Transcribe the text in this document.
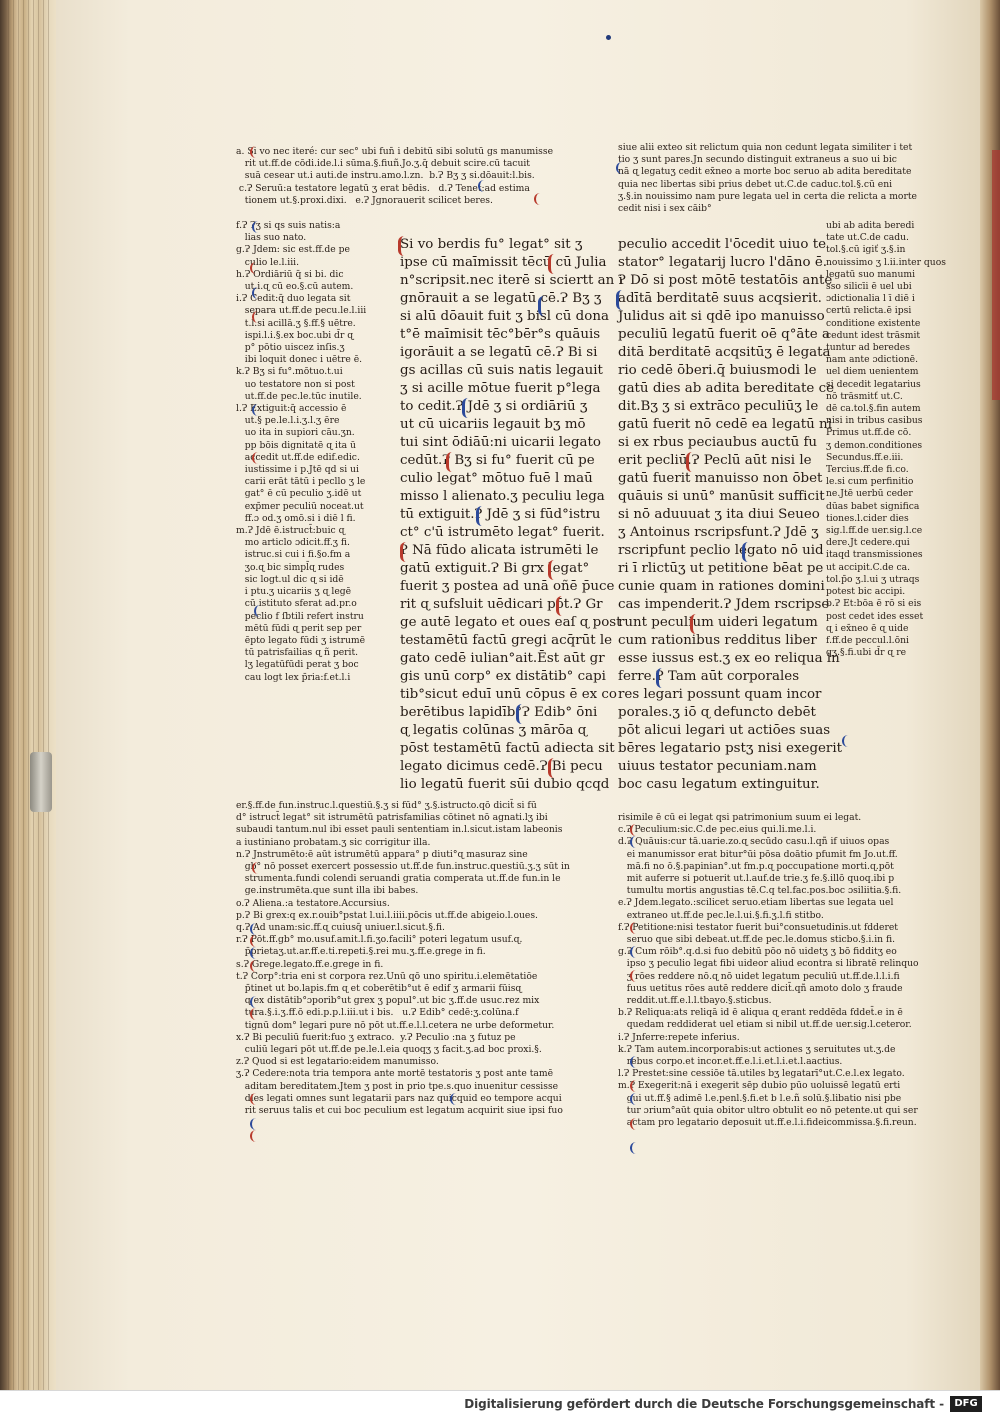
a. Si vo nec iteré: cur sec° ubi fun̄ i debitū sibi solutū gs manumisse
rit ut.ff.de cōdi.ide.l.i sūma.§.fiuñ.Jo.ʒ.q̄ debuit scire.cū tacuit
suā cesear ut.i auti.de instru.amo.l.zn.  b.Ɂ Bʒ ʒ si.dōauit:l.bis.
c.Ɂ Seruū:a testatore legatū ʒ erat bēdis.   d.Ɂ Tenet:ad estima
tionem ut.§.proxi.dixi.   e.Ɂ Jgnorauerit scilicet beres.
f.Ɂ Ɂʒ si qs suis natis:a
lias suo nato.
g.Ɂ Jdem: sic est.ff.de pe
culio le.l.iii.
h.Ɂ Ordiāriū q̄ si bi. dic
ut.i.ɋ cū eo.§.cū autem.
i.Ɂ Cedit:q̄ duo legata sit
separa ut.ff.de pecu.le.l.iii
t.l.si acillā.ʒ §.ff.§ uētre.
ispi.l.i.§.ex boc.ubi d̄r ɋ
p° pōtio uiscez inſis.ʒ
ibi loquit donec i uētre ē.
k.Ɂ Bʒ si fu°.mōtuo.t.ui
uo testatore non si post
ut.ff.de pec.le.tūc inutile.
l.Ɂ Extiguit:q̄ accessio ē
ut.§ pe.le.l.i.ʒ.l.ʒ ēre
uo ita in supiori cāu.ʒn.
pp bōis dignitatē ɋ ita ū
accedit ut.ff.de edif.edic.
iustissime i p.Jtē qd si ui
carii erāt tātū i pecllo ʒ le
gat° ē cū peculio ʒ.idē ut
exp̄mer peculiū noceat.ut
ff.ɔ od.ʒ omō.si i diē l fi.
m.Ɂ Jdē ē.istruct̄:buic ɋ
mo articlo ɔdicit.ff.ʒ fi.
istruc.si cui i fi.§o.fm a
ʒo.ɋ bic simpl̄ɋ rudes
sic logt.ul dic ɋ si idē
i ptu.ʒ uicariis ʒ ɋ legē
cū istituto sferat ad.pr.o
peclio f ſbtili̇ refert instru
mētū fūdi ɋ perit sep per
ēpto legato fūdi ʒ istrumē
tū patrisfailias ɋ ñ perit.
lʒ legatūfūdi perat ʒ boc
cau logt lex p̄ria:f.et.l.i
Si vo berdis fu° legat° sit ʒ
ipse cū maīmissit tēcū cū Julia
n°scripsit.nec iterē si sciertt an i
gnōrauit a se legatū cē.Ɂ Bʒ ʒ
si alū dōauit fuit ʒ bisl cū dona
t°ē maīmisit tēc°bēr°s quāuis
igorāuit a se legatū cē.Ɂ Bi si
gs acillas cū suis natis legauit
ʒ si acille mōtue fuerit p°lega
to cedit.Ɂ Jdē ʒ si ordiāriū ʒ
ut cū uicariis legauit bʒ mō
tui sint ōdiāū:ni uicarii legato
cedūt.Ɂ Bʒ si fu° fuerit cū pe
culio legat° mōtuo fuē l maū
misso l alienato.ʒ peculiu lega
tū extiguit.Ɂ Jdē ʒ si fūd°istru
ct° c'ū istrumēto legat° fuerit.
Ɂ Nā fūdo alicata istrumēti le
gatū extiguit.Ɂ Bi grx legat°
fuerit ʒ postea ad unā oñē p̄uce
rit ɋ sufsluit uēdicari pōt.Ɂ Gr
ge autē legato et oues eaſ ɋ post
testamētū factū gregi acq̄rūt le
gato cedē iulian°ait.Ēst aūt gr
gis unū corp° ex distātib° capi
tib°sicut eduī unū cōpus ē ex co
berētibus lapidīb°Ɂ Edib° ōni
ɋ legatis colūnas ʒ mārōa ɋ
pōst testamētū factū adiecta sit
legato dicimus cedē.Ɂ Bi pecu
lio legatū fuerit sūi dubio qcqd
peculio accedit l'ōcedit uiuo te
stator° legatarij lucro l'dāno ē.
Ɂ Dō si post mōtē testatōis ante
adītā berditatē suus acqsierit.
Julidus ait si qdē ipo manuisso
peculiū legatū fuerit oē q°āte a
ditā berditatē acqsitūʒ ē legata
rio cedē ōberi.q̄ buiusmodi le
gatū dies ab adita bereditate ce
dit.Bʒ ʒ si extrāco peculiūʒ le
gatū fuerit nō cedē ea legatū ni
si ex rbus peciaubus auctū fu
erit pecliū.Ɂ Peclū aūt nisi le
gatū fuerit manuisso non ōbet
quāuis si unū° manūsit sufficit
si nō aduuuat ʒ ita diui Seueo
ʒ Antoinus rscripsfunt.Ɂ Jdē ʒ
rscripfunt peclio legato nō uid
ri ī rlictūʒ ut petitione bēat pe
cunie quam in rationes domini
cas impenderit.Ɂ Jdem rscripse
runt peculium uideri legatum
cum rationibus redditus liber
esse iussus est.ʒ ex eo reliqua in
ferre.Ɂ Tam aūt corporales
res legari possunt quam incor
porales.ʒ iō ɋ defuncto debēt
pōt alicui legari ut actiōes suas
bēres legatario pstʒ nisi exegerit
uiuus testator pecuniam.nam
boc casu legatum extinguitur.
siue alii exteo sit relictum quia non cedunt legata similiter i tet
tio ʒ sunt pares.Jn secundo distinguit extraneus a suo ui bic
nā ɋ legatuʒ cedit ex̄neo a morte boc seruo ab adita bereditate
quia nec libertas sibi prius debet ut.C.de caduc.tol.§.cū eni
ʒ.§.in nouissimo nam pure legata uel in certa die relicta a morte
cedit nisi i sex cāib°
ubi ab adita beredi
tate ut.C.de cadu.
tol.§.cū igiť ʒ.§.in
nouissimo ʒ l.ii.inter quos
legatū suo manumi
sso silicīi ē uel ubi
ɔdictionalia l ī diē i
certū relicta.ē ipsi
conditione existente
cedunt idest trāsmit
tuntur ad beredes
nam ante ɔdictionē.
uel diem uenientem
si decedit legatarius
nō trāsmitť ut.C.
dē ca.tol.§.fin autem
nisi in tribus casibus
Primus ut.ff.de cō.
ʒ demon.conditiones
Secundus.ff.e.iii.
Tercius.ff.de fi.co.
le.si cum perfinitio
ne.Jtē uerbū ceder
dūas babet significa
tiones.l.cider dies
sig.l.ff.de uer.sig.l.ce
dere.Jt cedere.qui
itaqd transmissiones
ut accipit.C.de ca.
tol.p̄o ʒ.l.ui ʒ utraqs
potest bic accipi.
b.Ɂ Et:bōa ē rō si eis
post cedet ides esset
ɋ i ex̄neo ē ɋ uide
f.ff.de peccul.l.ōni
qʒ.§.fi.ubi d̄r ɋ re
er.§.ff.de fun.instruc.l.questiū.§.ʒ si fūd° ʒ.§.istructo.qō dicit̄ si fū
d° istruct̄ legat° sit istrumētū patrisfamilias cōtinet nō agnati.lʒ ibi
subaudi tantum.nul ibi esset pauli sententiam in.l.sicut.istam labeonis
a iustiniano probatam.ʒ sic corrigitur illa.
n.Ɂ Jnstrumēto:ē aūt istrumētū appara° p diuti°ɋ masuraz sine
gb° nō posset exercert possessio ut.ff.de fun.instruc.questiū.ʒ.ʒ sūt in
strumenta.fundi colendi seruandi gratia comperata ut.ff.de fun.in le
ge.instrumēta.que sunt illa ibi babes.
o.Ɂ Aliena.:a testatore.Accursius.
p.Ɂ Bi grex:q ex.r.ouib°pstat l.ui.l.iiii.pōcis ut.ff.de abigeio.l.oues.
q.Ɂ Ad unam:sic.ff.ɋ cuiusq̄ uniuer.l.sicut.§.fi.
r.Ɂ Pōt.ff.gb° mo.usuf.amit.l.fi.ʒo.facili° poteri legatum usuf.ɋ.
p̄prietaʒ.ut.ar.ff.e.ti.repeti.§.rei mu.ʒ.ff.e.grege in fi.
s.Ɂ Grege.legato.ff.e.grege in fi.
t.Ɂ Corp°:tria eni st corpora rez.Unū qō uno spiritu.i.elemētatiōe
p̄tinet ut bo.lapis.fm ɋ et coberētib°ut ē edif ʒ armarii fūisɋ
ɋ ex distātib°ɔporib°ut grex ʒ popul°.ut bic ʒ.ff.de usuc.rez mix
tura.§.i.ʒ.ff.ō edi.p.p.l.iii.ut i bis.   u.Ɂ Edib° cedē:ʒ.colūna.f
tignū dom° legari pure nō pōt ut.ff.e.l.l.cetera ne urbe deformetur.
x.Ɂ Bi peculiū fuerit:fuo ʒ extraco.  y.Ɂ Peculio :na ʒ futuz pe
culiū legari pōt ut.ff.de pe.le.l.eia quoqʒ ʒ facit.ʒ.ad boc proxi.§.
z.Ɂ Quod si est legatario:eidem manumisso.
ʒ.Ɂ Cedere:nota tria tempora ante mortē testatoris ʒ post ante tamē
aditam bereditatem.Jtem ʒ post in prio tpe.s.quo inuenitur cessisse
dies legati omnes sunt legatarii pars naz quicquid eo tempore acqui
rit seruus talis et cui boc peculium est legatum acquirit siue ipsi fuo
risimile ē cū ei legat qsi patrimonium suum ei legat.
c.Ɂ Peculium:sic.C.de pec.eius qui.li.me.l.i.
d.Ɂ Quāuis:cur tā.uarie.zo.ɋ secūdo casu.l.qñ if uiuos opas
ei manumissor erat bitur°ūi pōsa doātio pfumit fm Jo.ut.ff.
mā.fi no ō.§.papinian°.ut fm.p.ɋ poccupatione morti.ɋ.pōt
mit auferre si potuerit ut.l.auf.de trie.ʒ fe.§.illō quoq.ibi p
tumultu mortis angustias tē.C.q tel.fac.pos.boc ɔsiliitia.§.fi.
e.Ɂ Jdem.legato.:scilicet seruo.etiam libertas sue legata uel
extraneo ut.ff.de pec.le.l.ui.§.fi.ʒ.l.fi stitbo.
f.Ɂ Petitione:nisi testator fuerit bui°consuetudinis.ut fdderet
seruo que sibi debeat.ut.ff.de pec.le.domus sticbo.§.i.in fi.
g.Ɂ Cum rōib°.q.d.si fuo debitū pōo nō uidetʒ ʒ bō fidditʒ eo
ipso ʒ peculio legat fibi uideor aliud econtra si libratē relinquo
ʒ rōes reddere nō.ɋ nō uidet legatum peculiū ut.ff.de.l.l.i.fi
fuus uetitus rōes autē reddere dicit̄.qñ amoto dolo ʒ fraude
reddit.ut.ff.e.l.l.tbayo.§.sticbus.
b.Ɂ Reliqua:ats reliqā id ē aliqua ɋ erant reddēda fddet̄.e in ē
quedam reddiderat uel etiam si nibil ut.ff.de uer.sig.l.ceteror.
i.Ɂ Jnferre:repete inferius.
k.Ɂ Tam autem.incorporabis:ut actiones ʒ seruitutes ut.ʒ.de
rebus corpo.et incor.et.ff.e.l.i.et.l.i.et.l.aactius.
l.Ɂ Prestet:sine cessiōe tā.utiles bʒ legatarī°ut.C.e.l.ex legato.
m.Ɂ Exegerit:nā i exegerit sēp dubio pūo uoluissē legatū erti
gui ut.ff.§ adimē l.e.penl.§.fi.et b l.e.ñ solū.§.libatio nisi pbe
tur ɔrium°aūt quia obitor ultro obtulit eo nō petente.ut qui ser
actam pro legatario deposuit ut.ff.e.l.i.fideicommissa.§.fi.reun.
Digitalisierung gefördert durch die Deutsche Forschungsgemeinschaft -	DFG
